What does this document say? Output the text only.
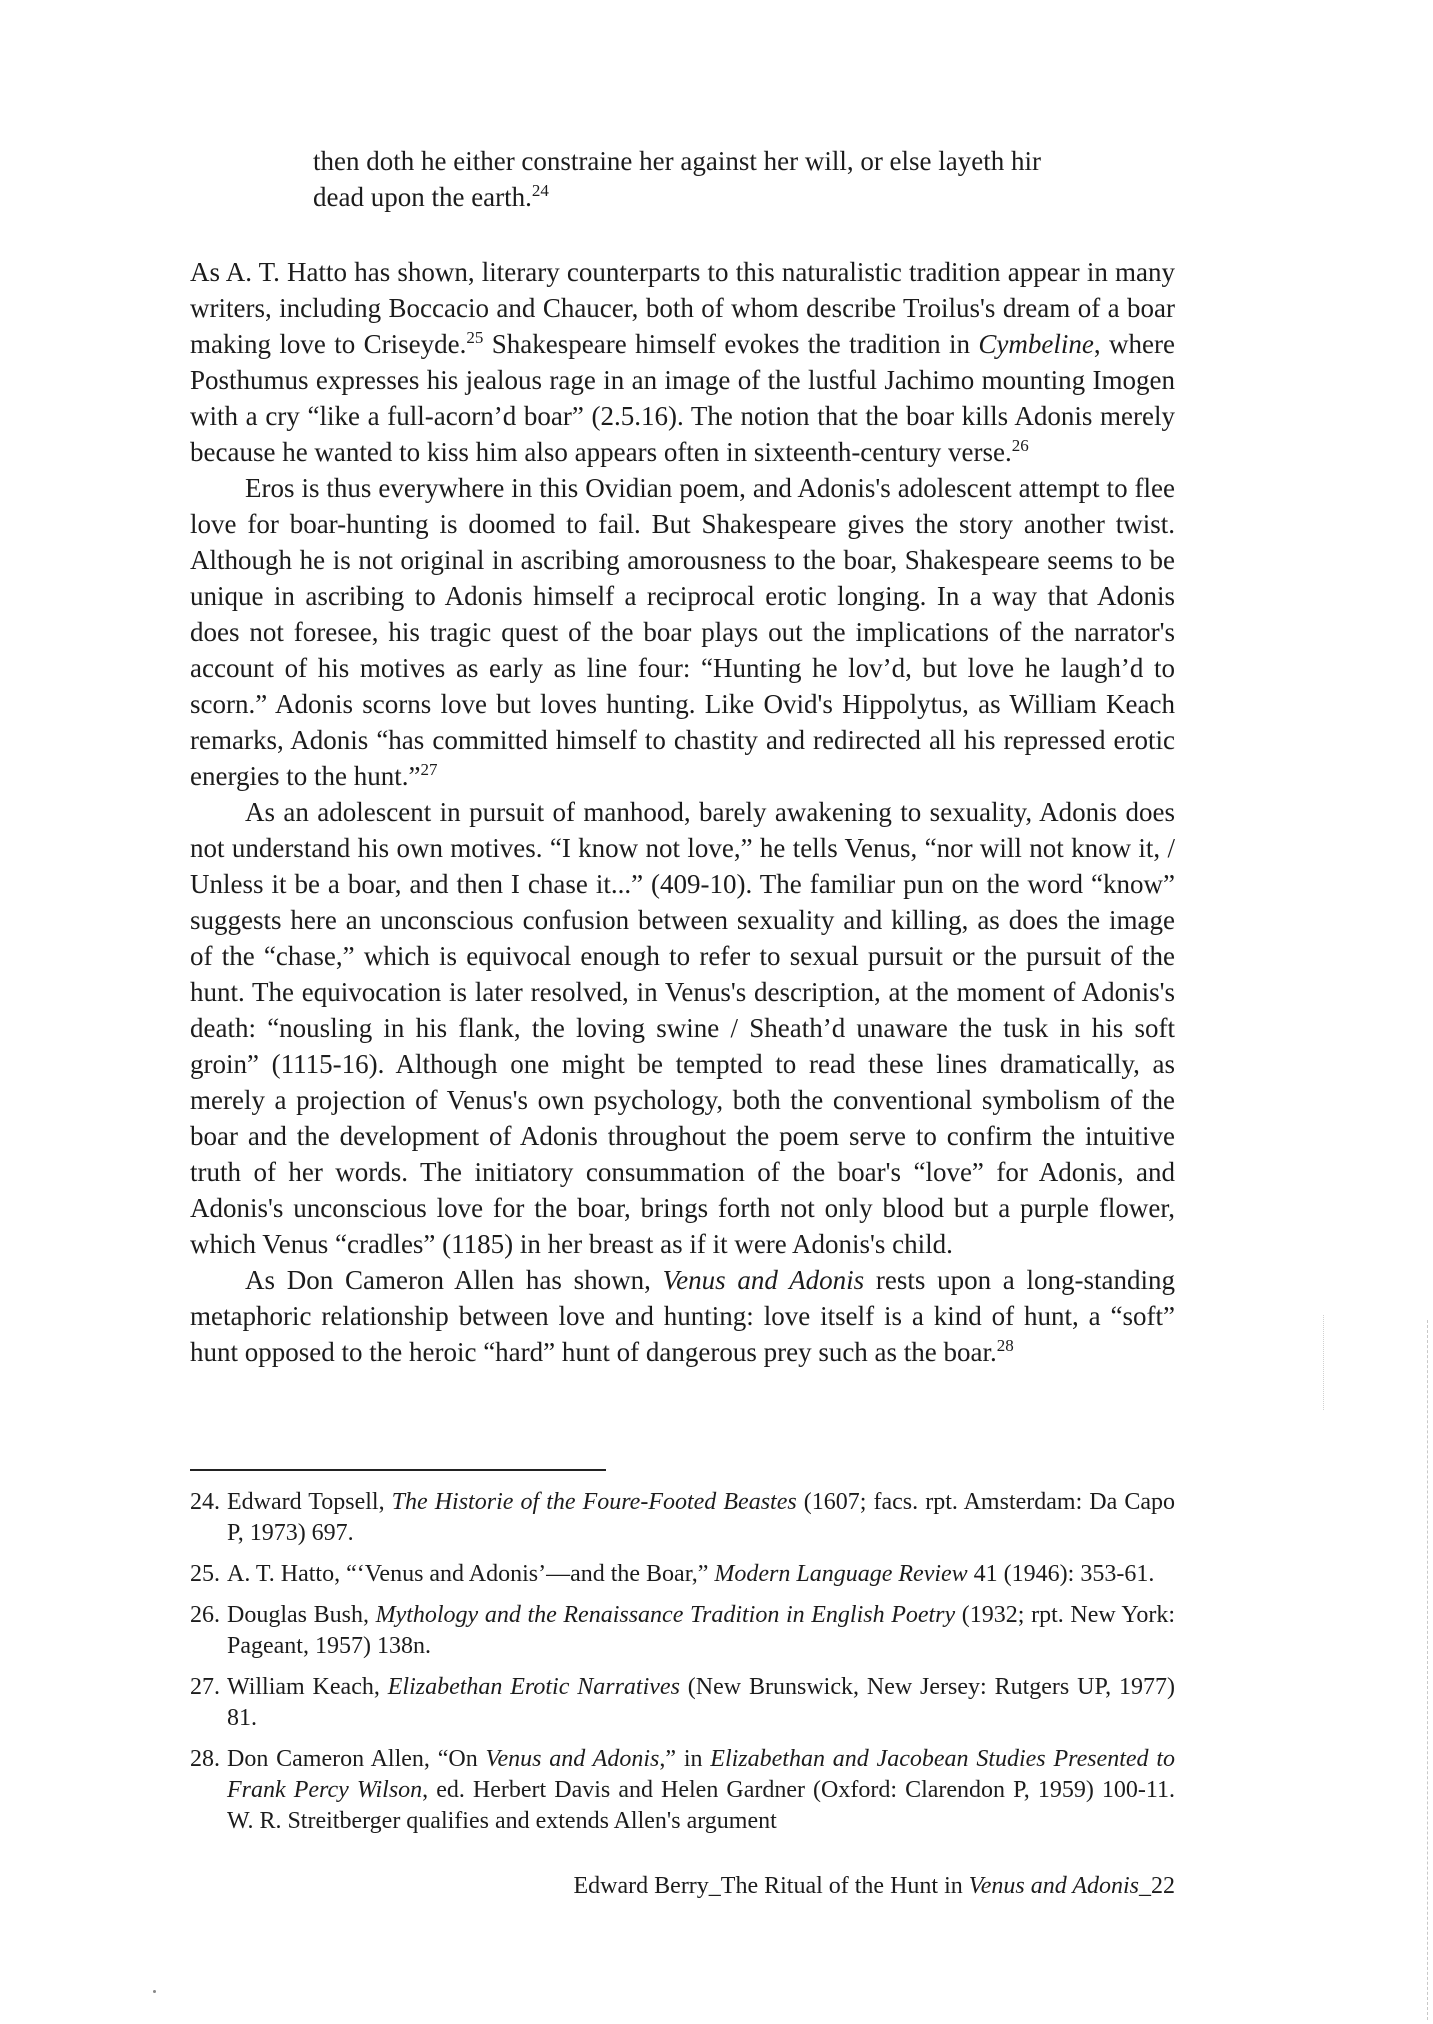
then doth he either constraine her against her will, or else layeth hir
dead upon the earth.$^{24}$

As A. T. Hatto has shown, literary counterparts to this naturalistic tradition appear in many writers, including Boccacio and Chaucer, both of whom describe Troilus's dream of a boar making love to Criseyde.$^{25}$ Shakespeare himself evokes the tradition in Cymbeline, where Posthumus expresses his jealous rage in an image of the lustful Jachimo mounting Imogen with a cry “like a full-acorn’d boar” (2.5.16). The notion that the boar kills Adonis merely because he wanted to kiss him also appears often in sixteenth-century verse.$^{26}$

Eros is thus everywhere in this Ovidian poem, and Adonis's adolescent attempt to flee love for boar-hunting is doomed to fail. But Shakespeare gives the story another twist. Although he is not original in ascribing amorousness to the boar, Shakespeare seems to be unique in ascribing to Adonis himself a reciprocal erotic longing. In a way that Adonis does not foresee, his tragic quest of the boar plays out the implications of the narrator's account of his motives as early as line four: “Hunting he lov’d, but love he laugh’d to scorn.” Adonis scorns love but loves hunting. Like Ovid's Hippolytus, as William Keach remarks, Adonis “has committed himself to chastity and redirected all his repressed erotic energies to the hunt.”$^{27}$

As an adolescent in pursuit of manhood, barely awakening to sexuality, Adonis does not understand his own motives. “I know not love,” he tells Venus, “nor will not know it, / Unless it be a boar, and then I chase it...” (409-10). The familiar pun on the word “know” suggests here an unconscious confusion between sexuality and killing, as does the image of the “chase,” which is equivocal enough to refer to sexual pursuit or the pursuit of the hunt. The equivocation is later resolved, in Venus's description, at the moment of Adonis's death: “nousling in his flank, the loving swine / Sheath’d unaware the tusk in his soft groin” (1115-16). Although one might be tempted to read these lines dramatically, as merely a projection of Venus's own psychology, both the conventional symbolism of the boar and the development of Adonis throughout the poem serve to confirm the intuitive truth of her words. The initiatory consummation of the boar's “love” for Adonis, and Adonis's unconscious love for the boar, brings forth not only blood but a purple flower, which Venus “cradles” (1185) in her breast as if it were Adonis's child.

As Don Cameron Allen has shown, Venus and Adonis rests upon a long-standing metaphoric relationship between love and hunting: love itself is a kind of hunt, a “soft” hunt opposed to the heroic “hard” hunt of dangerous prey such as the boar.$^{28}$

24. Edward Topsell, The Historie of the Foure-Footed Beastes (1607; facs. rpt. Amsterdam: Da Capo P, 1973) 697.
25. A. T. Hatto, “‘Venus and Adonis’—and the Boar,” Modern Language Review 41 (1946): 353-61.
26. Douglas Bush, Mythology and the Renaissance Tradition in English Poetry (1932; rpt. New York: Pageant, 1957) 138n.
27. William Keach, Elizabethan Erotic Narratives (New Brunswick, New Jersey: Rutgers UP, 1977) 81.
28. Don Cameron Allen, “On Venus and Adonis,” in Elizabethan and Jacobean Studies Presented to Frank Percy Wilson, ed. Herbert Davis and Helen Gardner (Oxford: Clarendon P, 1959) 100-11. W. R. Streitberger qualifies and extends Allen's argument
Edward Berry_The Ritual of the Hunt in Venus and Adonis_22
